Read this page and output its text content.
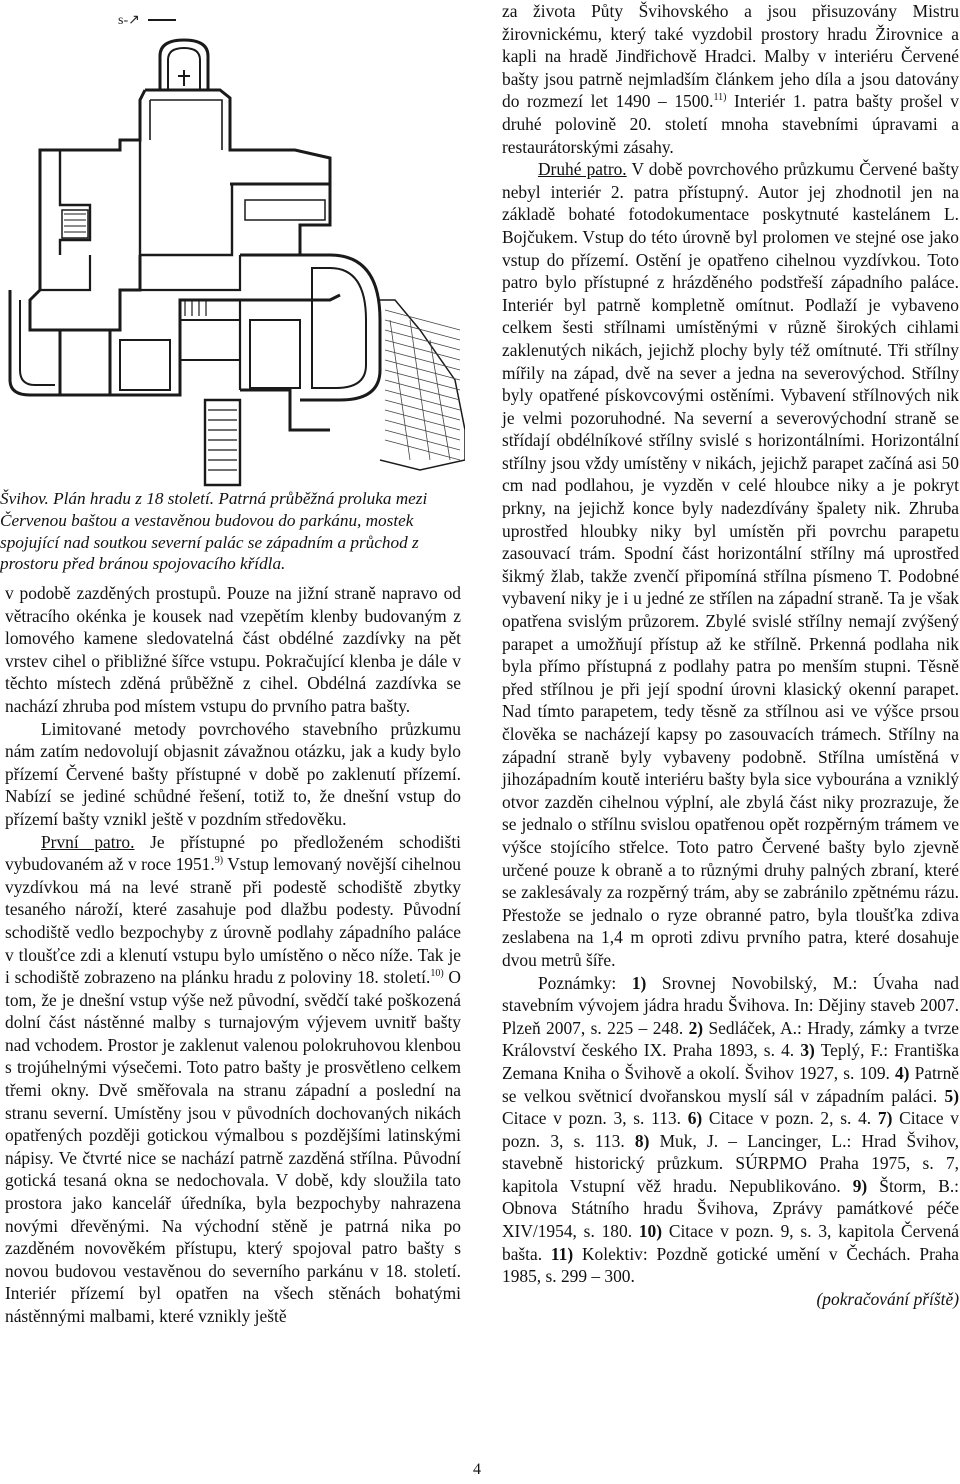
s-↗
Švihov. Plán hradu z 18 století. Patrná průběžná proluka mezi Červenou baštou a vestavěnou budovou do parkánu, mostek spojující nad soutkou severní palác se západním a průchod z prostoru před bránou spojovacího křídla.

v podobě zazděných prostupů. Pouze na jižní straně napravo od větracího okénka je kousek nad vzepětím klenby budovaným z lomového kamene sledovatelná část obdélné zazdívky na pět vrstev cihel o přibližné šířce vstupu. Pokračující klenba je dále v těchto místech zděná průběžně z cihel. Obdélná zazdívka se nachází zhruba pod místem vstupu do prvního patra bašty.

Limitované metody povrchového stavebního průzkumu nám zatím nedovolují objasnit závažnou otázku, jak a kudy bylo přízemí Červené bašty přístupné v době po zaklenutí přízemí. Nabízí se jediné schůdné řešení, totiž to, že dnešní vstup do přízemí bašty vznikl ještě v pozdním středověku.

První patro. Je přístupné po předloženém schodišti vybudovaném až v roce 1951.$^{9)}$ Vstup lemovaný novější cihelnou vyzdívkou má na levé straně při podestě schodiště zbytky tesaného nároží, které zasahuje pod dlažbu podesty. Původní schodiště vedlo bezpochyby z úrovně podlahy západního paláce v tloušťce zdi a klenutí vstupu bylo umístěno o něco níže. Tak je i schodiště zobrazeno na plánku hradu z poloviny 18. století.$^{10)}$ O tom, že je dnešní vstup výše než původní, svědčí také poškozená dolní část nástěnné malby s turnajovým výjevem uvnitř bašty nad vchodem. Prostor je zaklenut valenou polokruhovou klenbou s trojúhelnými výsečemi. Toto patro bašty je prosvětleno celkem třemi okny. Dvě směřovala na stranu západní a poslední na stranu severní. Umístěny jsou v původních dochovaných nikách opatřených později gotickou výmalbou s pozdějšími latinskými nápisy. Ve čtvrté nice se nachází patrně zazděná střílna. Původní gotická tesaná okna se nedochovala. V době, kdy sloužila tato prostora jako kancelář úředníka, byla bezpochyby nahrazena novými dřevěnými. Na východní stěně je patrná nika po zazděném novověkém přístupu, který spojoval patro bašty s novou budovou vestavěnou do severního parkánu v 18. století. Interiér přízemí byl opatřen na všech stěnách bohatými nástěnnými malbami, které vznikly ještě

za života Půty Švihovského a jsou přisuzovány Mistru žirovnickému, který také vyzdobil prostory hradu Žirovnice a kapli na hradě Jindřichově Hradci. Malby v interiéru Červené bašty jsou patrně nejmladším článkem jeho díla a jsou datovány do rozmezí let 1490 – 1500.$^{11)}$ Interiér 1. patra bašty prošel v druhé polovině 20. století mnoha stavebními úpravami a restaurátorskými zásahy.

Druhé patro. V době povrchového průzkumu Červené bašty nebyl interiér 2. patra přístupný. Autor jej zhodnotil jen na základě bohaté fotodokumentace poskytnuté kastelánem L. Bojčukem. Vstup do této úrovně byl prolomen ve stejné ose jako vstup do přízemí. Ostění je opatřeno cihelnou vyzdívkou. Toto patro bylo přístupné z hrázděného podstřeší západního paláce. Interiér byl patrně kompletně omítnut. Podlaží je vybaveno celkem šesti střílnami umístěnými v různě širokých cihlami zaklenutých nikách, jejichž plochy byly též omítnuté. Tři střílny mířily na západ, dvě na sever a jedna na severovýchod. Střílny byly opatřené pískovcovými ostěními. Vybavení střílnových nik je velmi pozoruhodné. Na severní a severovýchodní straně se střídají obdélníkové střílny svislé s horizontálními. Horizontální střílny jsou vždy umístěny v nikách, jejichž parapet začíná asi 50 cm nad podlahou, je vyzděn v celé hloubce niky a je pokryt prkny, na jejichž konce byly nadezdívány špalety nik. Zhruba uprostřed hloubky niky byl umístěn při povrchu parapetu zasouvací trám. Spodní část horizontální střílny má uprostřed šikmý žlab, takže zvenčí připomíná střílna písmeno T. Podobné vybavení niky je i u jedné ze střílen na západní straně. Ta je však opatřena svislým průzorem. Zbylé svislé střílny nemají zvýšený parapet a umožňují přístup až ke střílně. Prkenná podlaha nik byla přímo přístupná z podlahy patra po menším stupni. Těsně před střílnou je při její spodní úrovni klasický okenní parapet. Nad tímto parapetem, tedy těsně za střílnou asi ve výšce prsou člověka se nacházejí kapsy po zasouvacích trámech. Střílny na západní straně byly vybaveny podobně. Střílna umístěná v jihozápadním koutě interiéru bašty byla sice vybourána a vzniklý otvor zazděn cihelnou výplní, ale zbylá část niky prozrazuje, že se jednalo o střílnu svislou opatřenou opět rozpěrným trámem ve výšce stojícího střelce. Toto patro Červené bašty bylo zjevně určené pouze k obraně a to různými druhy palných zbraní, které se zaklesávaly za rozpěrný trám, aby se zabránilo zpětnému rázu. Přestože se jednalo o ryze obranné patro, byla tloušťka zdiva zeslabena na 1,4 m oproti zdivu prvního patra, které dosahuje dvou metrů šíře.

Poznámky: 1) Srovnej Novobilský, M.: Úvaha nad stavebním vývojem jádra hradu Švihova. In: Dějiny staveb 2007. Plzeň 2007, s. 225 – 248. 2) Sedláček, A.: Hrady, zámky a tvrze Království českého IX. Praha 1893, s. 4. 3) Teplý, F.: Františka Zemana Kniha o Švihově a okolí. Švihov 1927, s. 109. 4) Patrně se velkou světnicí dvořanskou myslí sál v západním paláci. 5) Citace v pozn. 3, s. 113. 6) Citace v pozn. 2, s. 4. 7) Citace v pozn. 3, s. 113. 8) Muk, J. – Lancinger, L.: Hrad Švihov, stavebně historický průzkum. SÚRPMO Praha 1975, s. 7, kapitola Vstupní věž hradu. Nepublikováno. 9) Štorm, B.: Obnova Státního hradu Švihova, Zprávy památkové péče XIV/1954, s. 180. 10) Citace v pozn. 9, s. 3, kapitola Červená bašta. 11) Kolektiv: Pozdně gotické umění v Čechách. Praha 1985, s. 299 – 300.

(pokračování příště)

4
